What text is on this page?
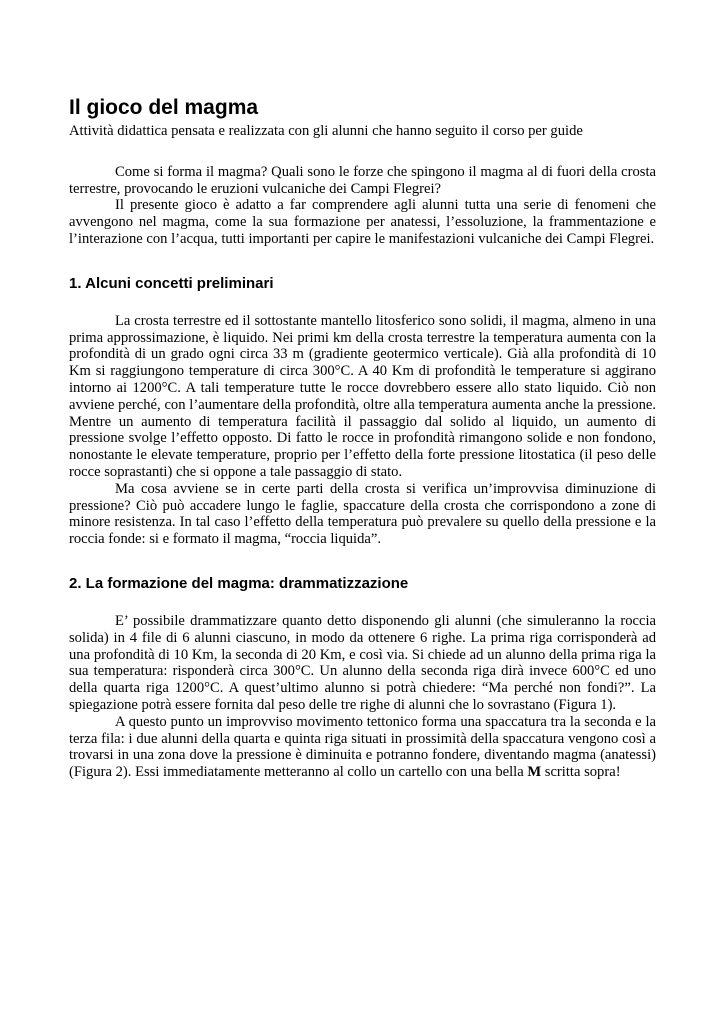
Il gioco del magma
Attività didattica pensata e realizzata con gli alunni che hanno seguito il corso per guide

Come si forma il magma? Quali sono le forze che spingono il magma al di fuori della crosta terrestre, provocando le eruzioni vulcaniche dei Campi Flegrei?

Il presente gioco è adatto a far comprendere agli alunni tutta una serie di fenomeni che avvengono nel magma, come la sua formazione per anatessi, l’essoluzione, la frammentazione e l’interazione con l’acqua, tutti importanti per capire le manifestazioni vulcaniche dei Campi Flegrei.

1. Alcuni concetti preliminari

La crosta terrestre ed il sottostante mantello litosferico sono solidi, il magma, almeno in una prima approssimazione, è liquido. Nei primi km della crosta terrestre la temperatura aumenta con la profondità di un grado ogni circa 33 m (gradiente geotermico verticale). Già alla profondità di 10 Km si raggiungono temperature di circa 300°C. A 40 Km di profondità le temperature si aggirano intorno ai 1200°C. A tali temperature tutte le rocce dovrebbero essere allo stato liquido. Ciò non avviene perché, con l’aumentare della profondità, oltre alla temperatura aumenta anche la pressione. Mentre un aumento di temperatura facilità il passaggio dal solido al liquido, un aumento di pressione svolge l’effetto opposto. Di fatto le rocce in profondità rimangono solide e non fondono, nonostante le elevate temperature, proprio per l’effetto della forte pressione litostatica (il peso delle rocce soprastanti) che si oppone a tale passaggio di stato.

Ma cosa avviene se in certe parti della crosta si verifica un’improvvisa diminuzione di pressione? Ciò può accadere lungo le faglie, spaccature della crosta che corrispondono a zone di minore resistenza. In tal caso l’effetto della temperatura può prevalere su quello della pressione e la roccia fonde: si e formato il magma, “roccia liquida”.

2. La formazione del magma: drammatizzazione

E’ possibile drammatizzare quanto detto disponendo gli alunni (che simuleranno la roccia solida) in 4 file di 6 alunni ciascuno, in modo da ottenere 6 righe. La prima riga corrisponderà ad una profondità di 10 Km, la seconda di 20 Km, e così via. Si chiede ad un alunno della prima riga la sua temperatura: risponderà circa 300°C. Un alunno della seconda riga dirà invece 600°C ed uno della quarta riga 1200°C. A quest’ultimo alunno si potrà chiedere: “Ma perché non fondi?”. La spiegazione potrà essere fornita dal peso delle tre righe di alunni che lo sovrastano (Figura 1).

A questo punto un improvviso movimento tettonico forma una spaccatura tra la seconda e la terza fila: i due alunni della quarta e quinta riga situati in prossimità della spaccatura vengono così a trovarsi in una zona dove la pressione è diminuita e potranno fondere, diventando magma (anatessi) (Figura 2). Essi immediatamente metteranno al collo un cartello con una bella M scritta sopra!
